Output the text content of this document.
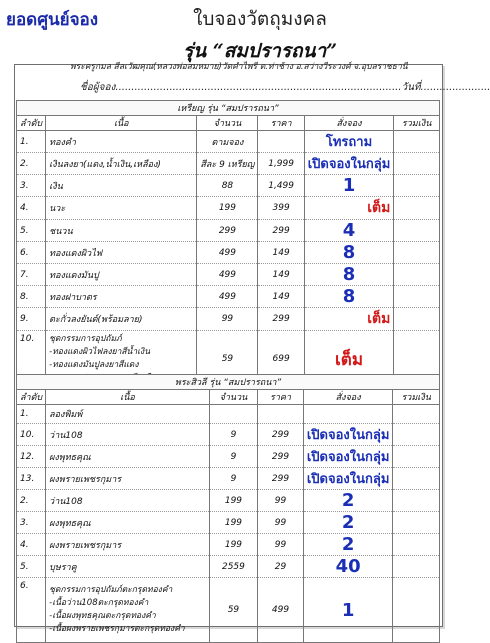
ยอดศูนย์จอง	ใบจองวัตถุมงคล
รุ่น “สมปรารถนา”
พระครูกมล สีลเวัฒคุณ(หลวงพ่อสมหมาย)วัดคำไพรี ต.ท่าช้าง อ.สว่างวีระวงศ์ จ.อุบลราชธานี
ชื่อผู้จอง..........................................................................................วันที่......................
เหรียญ รุ่น “สมปรารถนา”					
ลำดับ	เนื้อ	จำนวน	ราคา	สั่งจอง	รวมเงิน
1.	ทองคำ	ตามจอง		โทรถาม	
2.	เงินลงยา(แดง,น้ำเงิน,เหลือง)	สีละ 9 เหรียญ	1,999	เปิดจองในกลุ่ม	
3.	เงิน	88	1,499	1	
4.	นวะ	199	399	เต็ม	
5.	ชนวน	299	299	4	
6.	ทองแดงผิวไฟ	499	149	8	
7.	ทองแดงมันปู	499	149	8	
8.	ทองฝาบาตร	499	149	8	
9.	ตะกั่วลงยันต์(พร้อมลาย)	99	299	เต็ม	
10.	ชุดกรรมการอุปถัมภ์
-ทองแดงผิวไฟลงยาสีน้ำเงิน
-ทองแดงมันปูลงยาสีแดง	59	699	เต็ม	
พระสิวลี รุ่น “สมปรารถนา”					
ลำดับ	เนื้อ	จำนวน	ราคา	สั่งจอง	รวมเงิน
1.	ลองพิมพ์				
10.	ว่าน108	9	299	เปิดจองในกลุ่ม	
12.	ผงพุทธคุณ	9	299	เปิดจองในกลุ่ม	
13.	ผงพรายเพชรกุมาร	9	299	เปิดจองในกลุ่ม	
2.	ว่าน108	199	99	2	
3.	ผงพุทธคุณ	199	99	2	
4.	ผงพรายเพชรกุมาร	199	99	2	
5.	บุษราคู	2559	29	40	
6.	ชุดกรรมการอุปถัมภ์ตะกรุดทองคำ
-เนื้อว่าน108ตะกรุดทองคำ
-เนื้อผงพุทธคุณตะกรุดทองคำ
-เนื้อผงพรายเพชรกุมารตะกรุดทองคำ	59	499	1	
